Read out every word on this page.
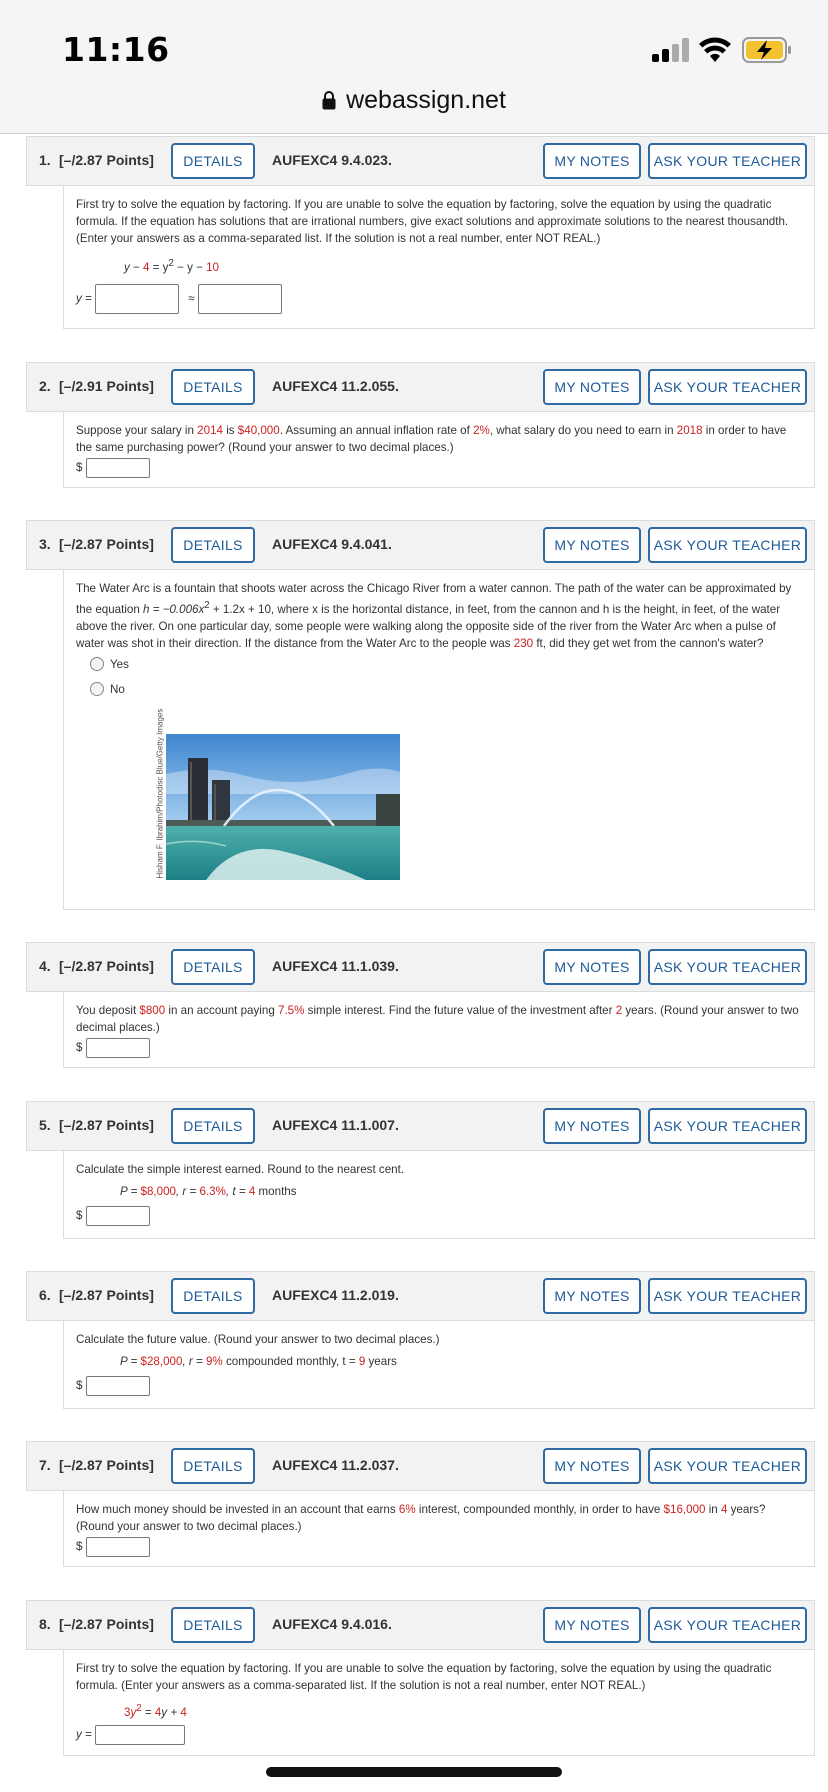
11:16
webassign.net
1. [–/2.87 Points]	DETAILS	AUFEXC4 9.4.023.	MY NOTES	ASK YOUR TEACHER

First try to solve the equation by factoring. If you are unable to solve the equation by factoring, solve the equation by using the quadratic formula. If the equation has solutions that are irrational numbers, give exact solutions and approximate solutions to the nearest thousandth. (Enter your answers as a comma-separated list. If the solution is not a real number, enter NOT REAL.)

$y - 4 = y^2 - y - 10$
y =	≈
2. [–/2.91 Points]	DETAILS	AUFEXC4 11.2.055.	MY NOTES	ASK YOUR TEACHER

Suppose your salary in 2014 is $40,000. Assuming an annual inflation rate of 2%, what salary do you need to earn in 2018 in order to have the same purchasing power? (Round your answer to two decimal places.)

$
3. [–/2.87 Points]	DETAILS	AUFEXC4 9.4.041.	MY NOTES	ASK YOUR TEACHER

The Water Arc is a fountain that shoots water across the Chicago River from a water cannon. The path of the water can be approximated by the equation $h = -0.006x^2 + 1.2x + 10$, where x is the horizontal distance, in feet, from the cannon and h is the height, in feet, of the water above the river. On one particular day, some people were walking along the opposite side of the river from the Water Arc when a pulse of water was shot in their direction. If the distance from the Water Arc to the people was 230 ft, did they get wet from the cannon's water?

Yes
No
Hisham F. Ibrahim/Photodisc Blue/Getty Images
4. [–/2.87 Points]	DETAILS	AUFEXC4 11.1.039.	MY NOTES	ASK YOUR TEACHER

You deposit $800 in an account paying 7.5% simple interest. Find the future value of the investment after 2 years. (Round your answer to two decimal places.)

$
5. [–/2.87 Points]	DETAILS	AUFEXC4 11.1.007.	MY NOTES	ASK YOUR TEACHER

Calculate the simple interest earned. Round to the nearest cent.

P = $8,000, r = 6.3%, t = 4 months
$
6. [–/2.87 Points]	DETAILS	AUFEXC4 11.2.019.	MY NOTES	ASK YOUR TEACHER

Calculate the future value. (Round your answer to two decimal places.)

P = $28,000, r = 9% compounded monthly, t = 9 years
$
7. [–/2.87 Points]	DETAILS	AUFEXC4 11.2.037.	MY NOTES	ASK YOUR TEACHER

How much money should be invested in an account that earns 6% interest, compounded monthly, in order to have $16,000 in 4 years? (Round your answer to two decimal places.)

$
8. [–/2.87 Points]	DETAILS	AUFEXC4 9.4.016.	MY NOTES	ASK YOUR TEACHER

First try to solve the equation by factoring. If you are unable to solve the equation by factoring, solve the equation by using the quadratic formula. (Enter your answers as a comma-separated list. If the solution is not a real number, enter NOT REAL.)

$3y^2 = 4y + 4$
y =
